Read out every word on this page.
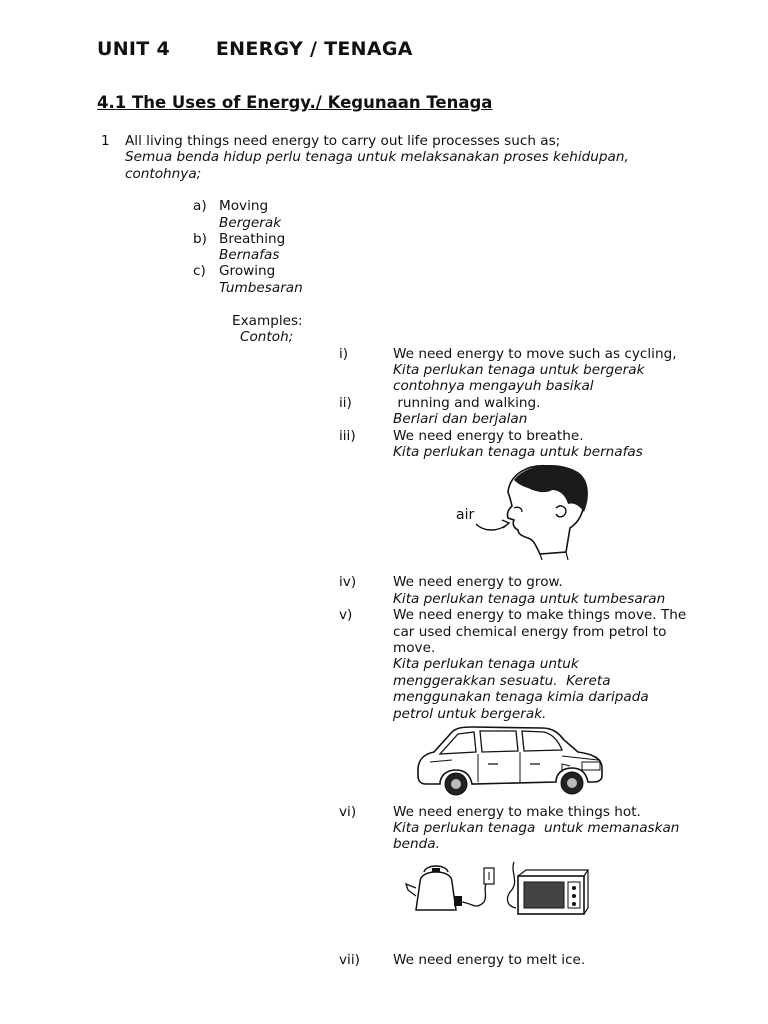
UNIT 4 ENERGY / TENAGA
4.1 The Uses of Energy./ Kegunaan Tenaga
1 All living things need energy to carry out life processes such as;
Semua benda hidup perlu tenaga untuk melaksanakan proses kehidupan,
contohnya;
a) Moving
Bergerak
b) Breathing
Bernafas
c) Growing
Tumbesaran
Examples:
Contoh;
i)	We need energy to move such as cycling,
Kita perlukan tenaga untuk bergerak
contohnya mengayuh basikal
ii)	running and walking.
Berlari dan berjalan
iii)	We need energy to breathe.
Kita perlukan tenaga untuk bernafas
air
iv)	We need energy to grow.
Kita perlukan tenaga untuk tumbesaran
v)	We need energy to make things move. The
car used chemical energy from petrol to
move.
Kita perlukan tenaga untuk
menggerakkan sesuatu.  Kereta
menggunakan tenaga kimia daripada
petrol untuk bergerak.
vi)	We need energy to make things hot.
Kita perlukan tenaga  untuk memanaskan
benda.
vii) We need energy to melt ice.
